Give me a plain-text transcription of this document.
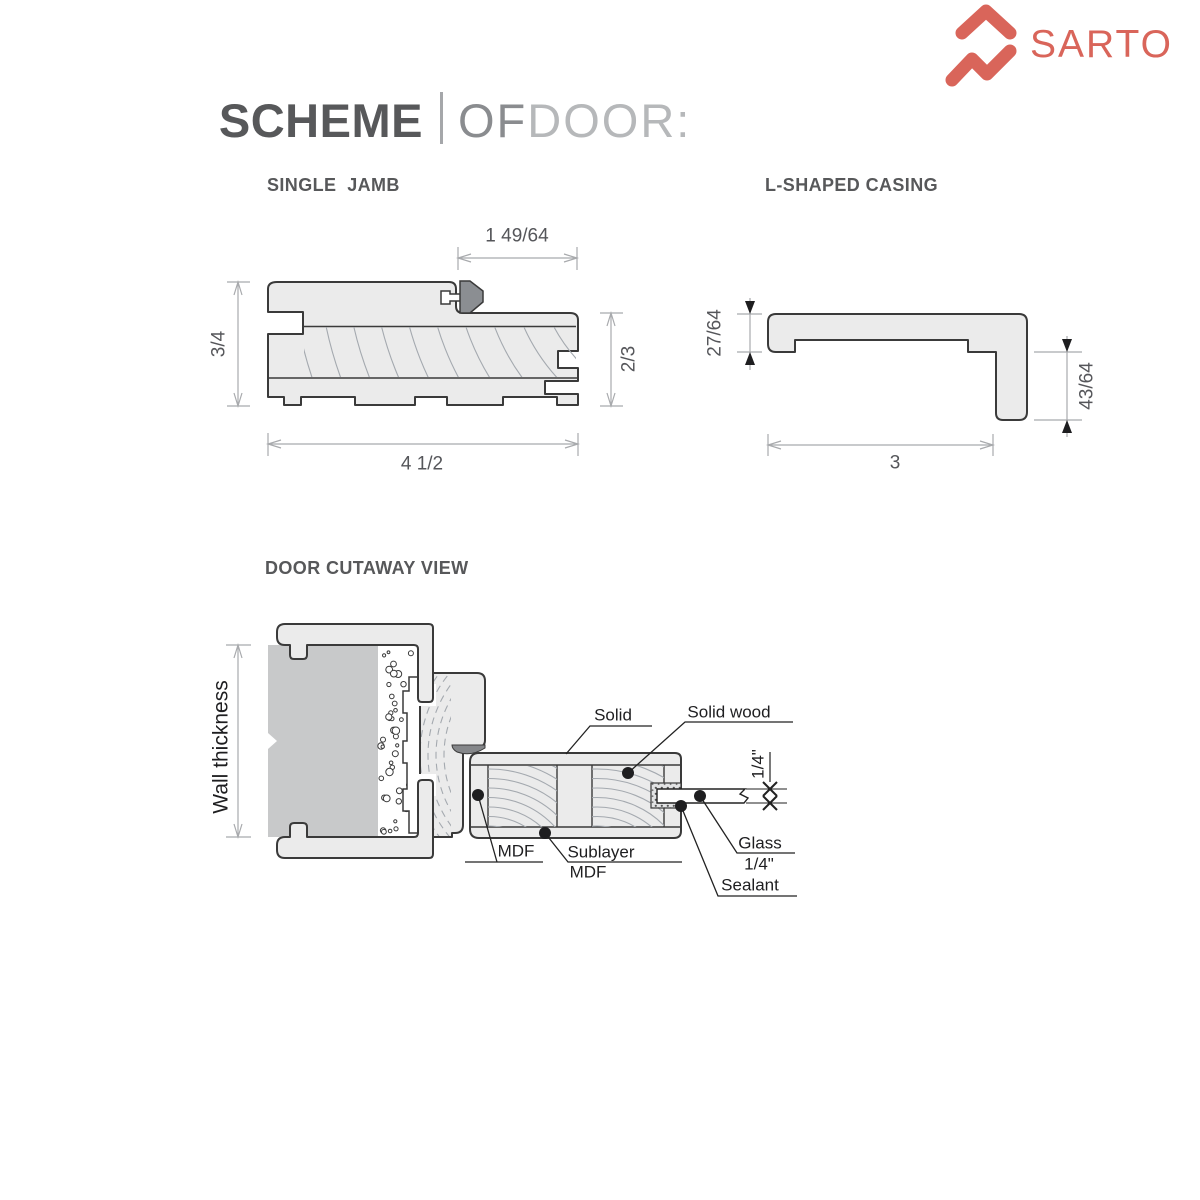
SCHEME OFDOOR:

SARTO
SINGLE  JAMB	L-SHAPED CASING
DOOR CUTAWAY VIEW
1 49/64
3/4
2/3
4 1/2
27/64
43/64
3
Wall thickness	1/4"
Solid	Solid wood
MDF Sublayer
MDF
Glass
1/4"
Sealant
